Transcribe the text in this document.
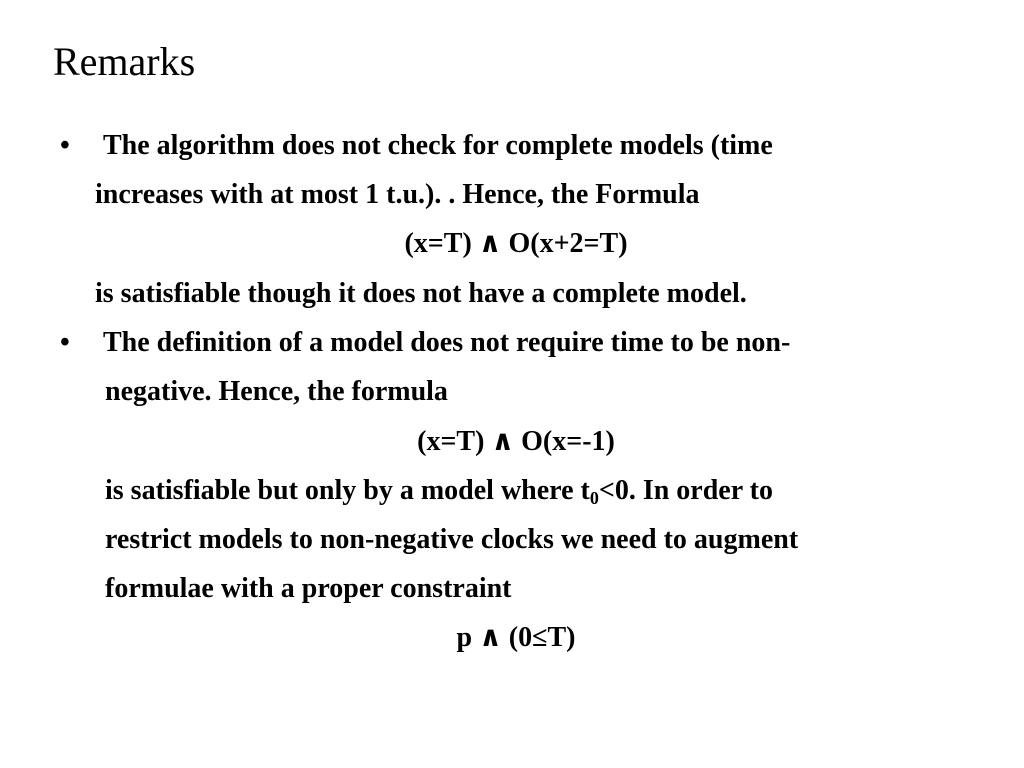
Remarks
• The algorithm does not check for complete models (time
increases with at most 1 t.u.). . Hence, the Formula
(x=T) ∧ O(x+2=T)
is satisfiable though it does not have a complete model.
• The definition of a model does not require time to be non-
negative. Hence, the formula
(x=T) ∧ O(x=-1)
is satisfiable but only by a model where $t_0<0$. In order to
restrict models to non-negative clocks we need to augment
formulae with a proper constraint
p ∧ (0≤T)
